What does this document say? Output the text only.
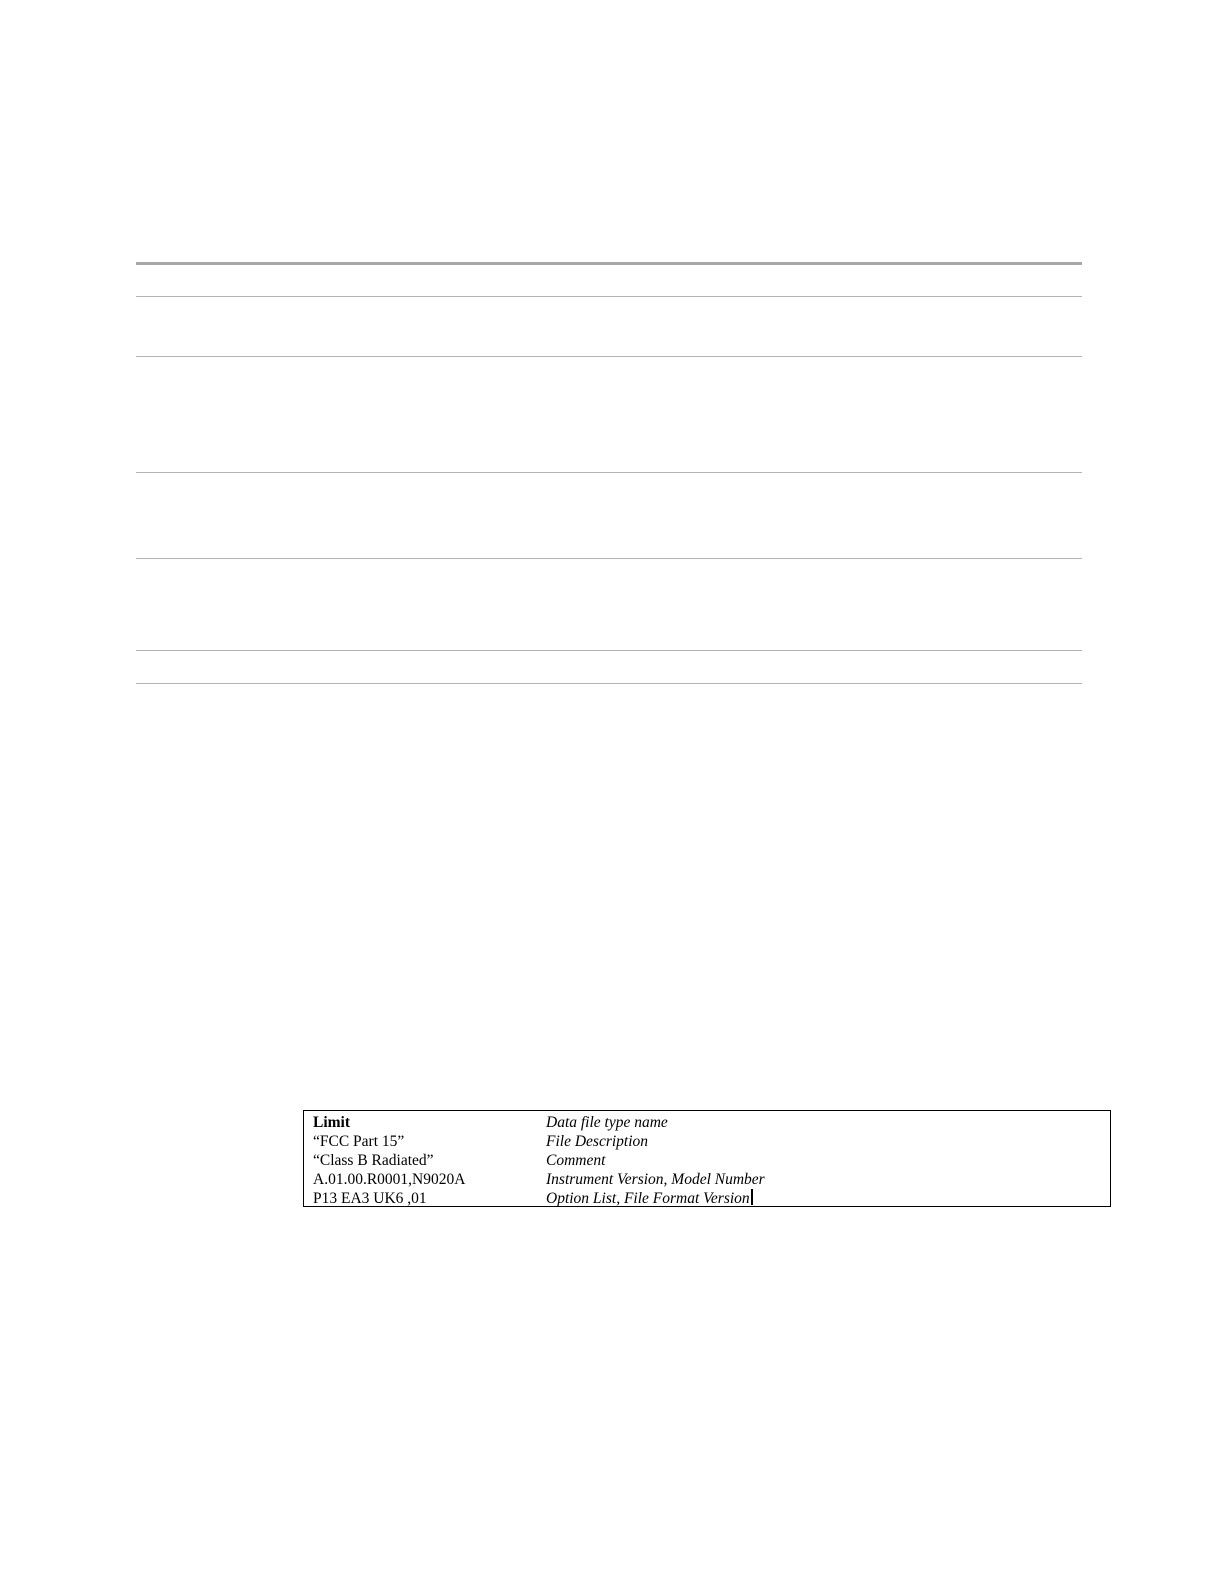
Limit	Data file type name
“FCC Part 15”	File Description
“Class B Radiated”	Comment
A.01.00.R0001,N9020A	Instrument Version, Model Number
P13 EA3 UK6 ,01	Option List, File Format Version
